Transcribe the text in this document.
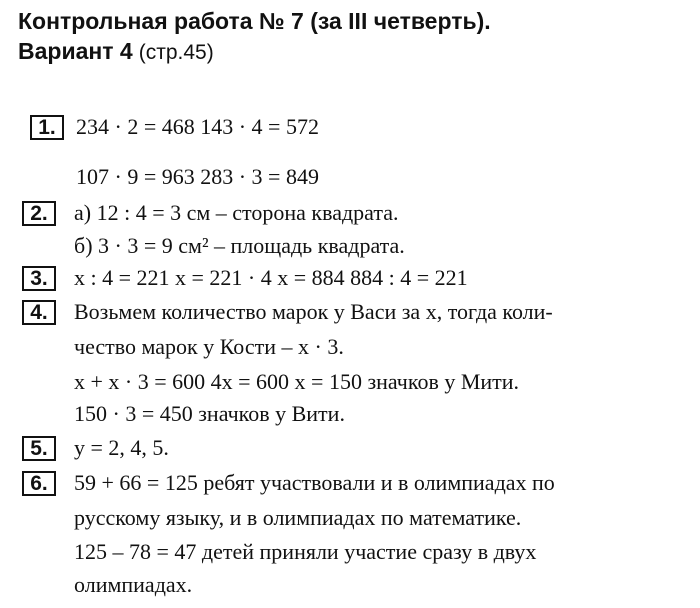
Контрольная работа № 7 (за III четверть).
Вариант 4 (стр.45)
1. 234 · 2 = 468 143 · 4 = 572
107 · 9 = 963 283 · 3 = 849
2.	а) 12 : 4 = 3 см – сторона квадрата.
б) 3 · 3 = 9 см² – площадь квадрата.
3.	x : 4 = 221 x = 221 · 4 x = 884 884 : 4 = 221
4.	Возьмем количество марок у Васи за x, тогда коли-
чество марок у Кости – x · 3.
x + x · 3 = 600 4x = 600 x = 150 значков у Мити.
150 · 3 = 450 значков у Вити.
5.	y = 2, 4, 5.
6.	59 + 66 = 125 ребят участвовали и в олимпиадах по
русскому языку, и в олимпиадах по математике.
125 – 78 = 47 детей приняли участие сразу в двух
олимпиадах.
